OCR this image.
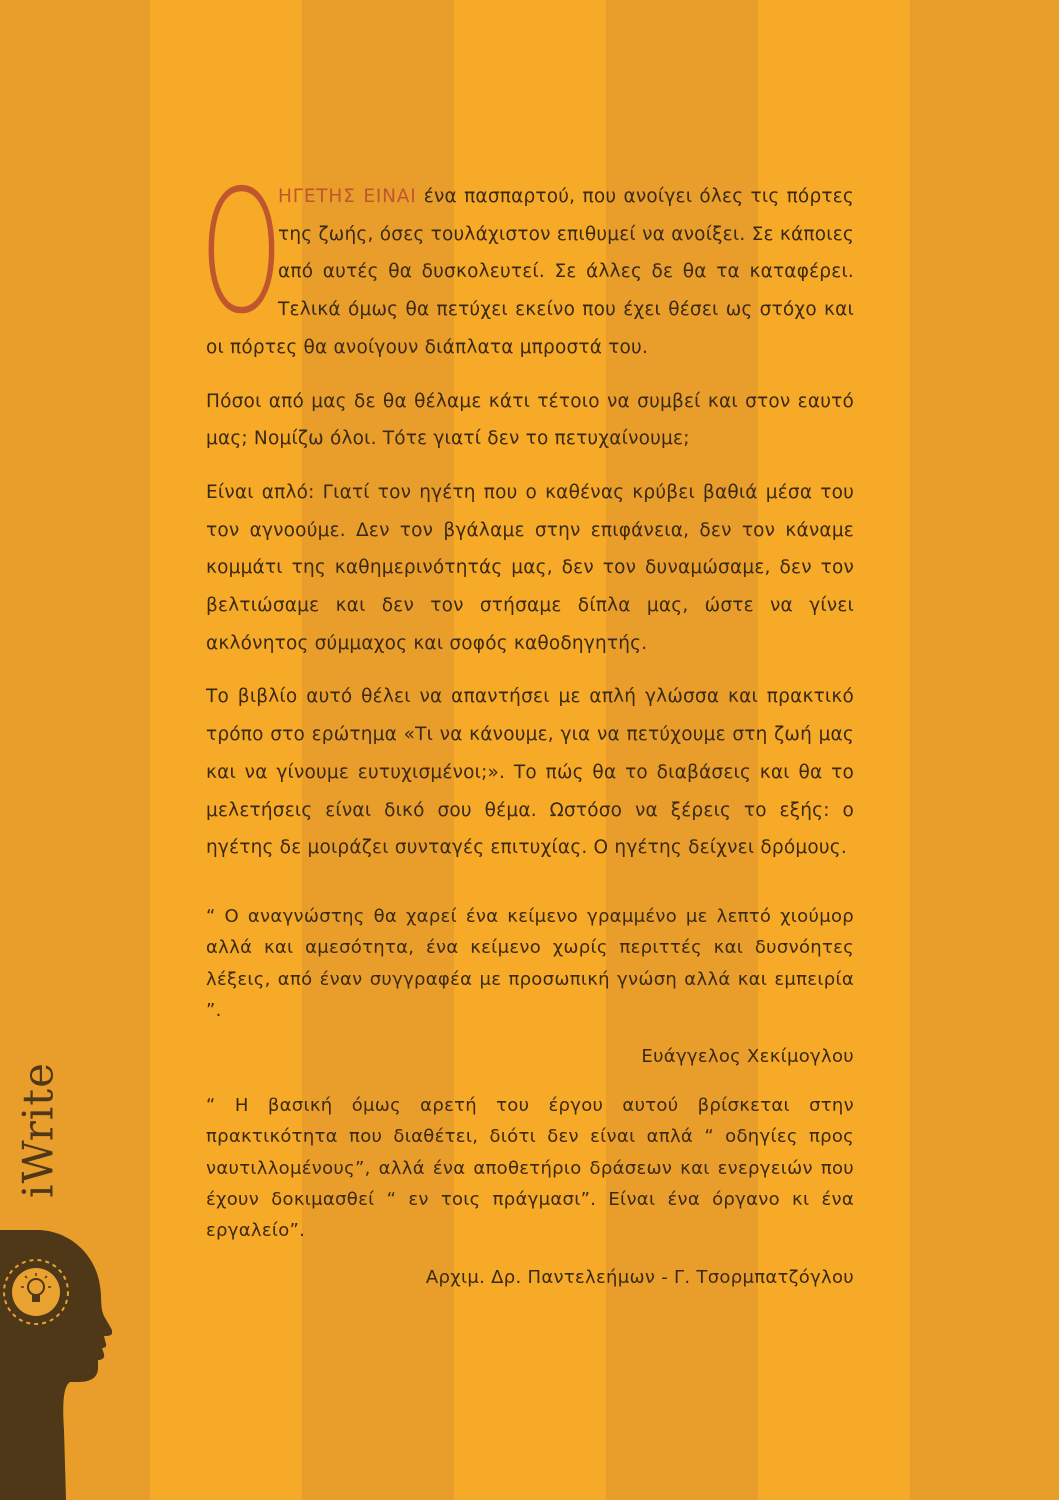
Ο
ΗΓΕΤΗΣ ΕΙΝΑΙ ένα πασπαρτού, που ανοίγει όλες τις πόρτες της ζωής, όσες τουλάχιστον επιθυμεί να ανοίξει. Σε κάποιες από αυτές θα δυσκολευτεί. Σε άλλες δε θα τα καταφέρει. Τελικά όμως θα πετύχει εκείνο που έχει θέσει ως στόχο και οι πόρτες θα ανοίγουν διάπλατα μπροστά του.

Πόσοι από μας δε θα θέλαμε κάτι τέτοιο να συμβεί και στον εαυτό μας; Νομίζω όλοι. Τότε γιατί δεν το πετυχαίνουμε;

Είναι απλό: Γιατί τον ηγέτη που ο καθένας κρύβει βαθιά μέσα του τον αγνοούμε. Δεν τον βγάλαμε στην επιφάνεια, δεν τον κάναμε κομμάτι της καθημερινότητάς μας, δεν τον δυναμώσαμε, δεν τον βελτιώσαμε και δεν τον στήσαμε δίπλα μας, ώστε να γίνει ακλόνητος σύμμαχος και σοφός καθοδηγητής.

Το βιβλίο αυτό θέλει να απαντήσει με απλή γλώσσα και πρακτικό τρόπο στο ερώτημα «Τι να κάνουμε, για να πετύχουμε στη ζωή μας και να γίνουμε ευτυχισμένοι;». Το πώς θα το διαβάσεις και θα το μελετήσεις είναι δικό σου θέμα. Ωστόσο να ξέρεις το εξής: ο ηγέτης δε μοιράζει συνταγές επιτυχίας. Ο ηγέτης δείχνει δρόμους.

“ Ο αναγνώστης θα χαρεί ένα κείμενο γραμμένο με λεπτό χιούμορ αλλά και αμεσότητα, ένα κείμενο χωρίς περιττές και δυσνόητες λέξεις, από έναν συγγραφέα με προσωπική γνώση αλλά και εμπειρία ”.

Ευάγγελος Χεκίμογλου

“ Η βασική όμως αρετή του έργου αυτού βρίσκεται στην πρακτικότητα που διαθέτει, διότι δεν είναι απλά “ οδηγίες προς ναυτιλλομένους”, αλλά ένα αποθετήριο δράσεων και ενεργειών που έχουν δοκιμασθεί “ εν τοις πράγμασι”. Είναι ένα όργανο κι ένα εργαλείο”.

Αρχιμ. Δρ. Παντελεήμων - Γ. Τσορμπατζόγλου

iWrite
